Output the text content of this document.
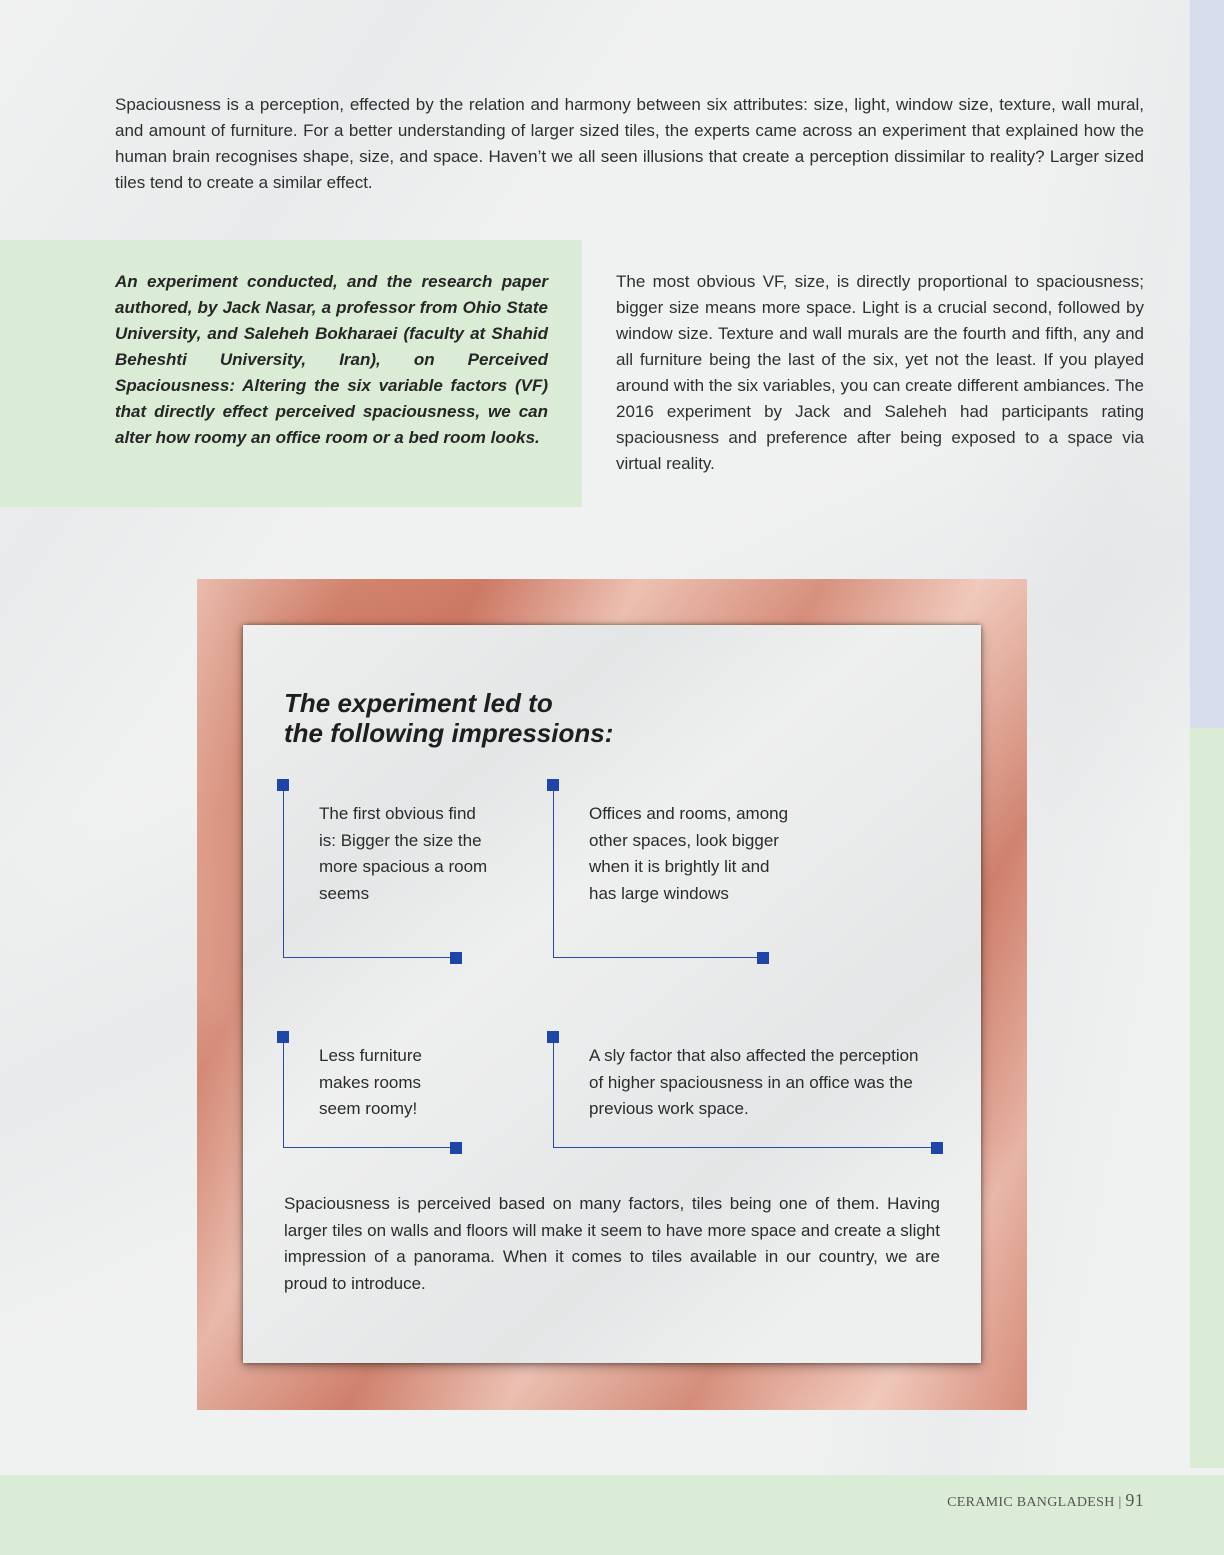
Spaciousness is a perception, effected by the relation and harmony between six attributes: size, light, window size, texture, wall mural, and amount of furniture. For a better understanding of larger sized tiles, the experts came across an experiment that explained how the human brain recognises shape, size, and space. Haven’t we all seen illusions that create a perception dissimilar to reality? Larger sized tiles tend to create a similar effect.

An experiment conducted, and the research paper authored, by Jack Nasar, a professor from Ohio State University, and Saleheh Bokharaei (faculty at Shahid Beheshti University, Iran), on Perceived Spaciousness: Altering the six variable factors (VF) that directly effect perceived spaciousness, we can alter how roomy an office room or a bed room looks.

The most obvious VF, size, is directly proportional to spaciousness; bigger size means more space. Light is a crucial second, followed by window size. Texture and wall murals are the fourth and fifth, any and all furniture being the last of the six, yet not the least. If you played around with the six variables, you can create different ambiances. The 2016 experiment by Jack and Saleheh had participants rating spaciousness and preference after being exposed to a space via virtual reality.

The experiment led to
the following impressions:

The first obvious find is: Bigger the size the more spacious a room seems

Offices and rooms, among other spaces, look bigger when it is brightly lit and has large windows

Less furniture makes rooms seem roomy!

A sly factor that also affected the perception of higher spaciousness in an office was the previous work space.

Spaciousness is perceived based on many factors, tiles being one of them. Having larger tiles on walls and floors will make it seem to have more space and create a slight impression of a panorama. When it comes to tiles available in our country, we are proud to introduce.

CERAMIC BANGLADESH | 91
